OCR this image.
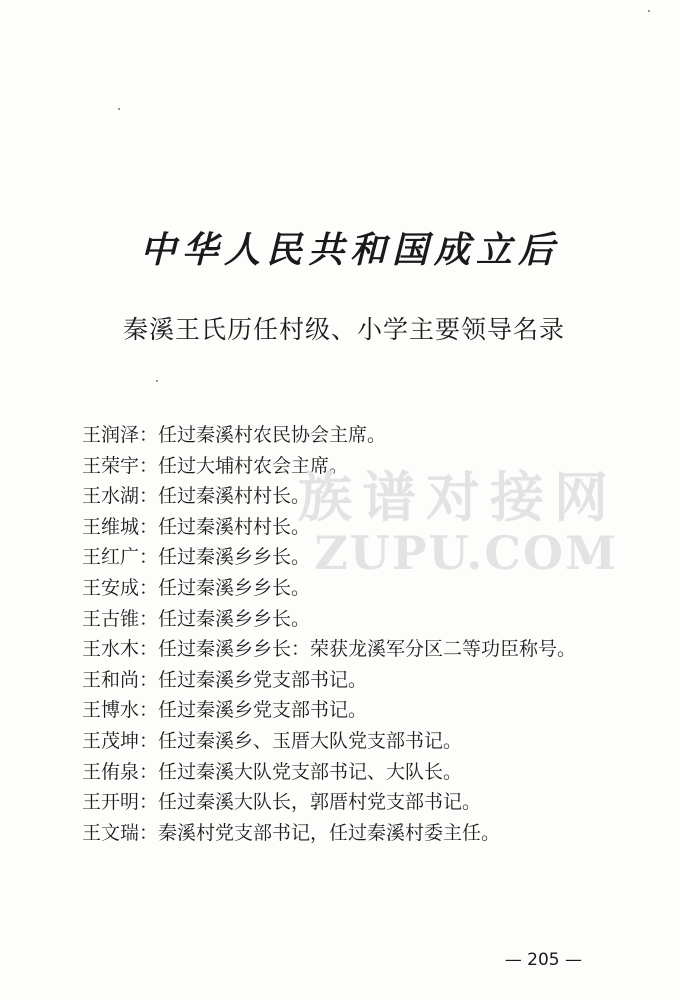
中华人民共和国成立后
秦溪王氏历任村级、小学主要领导名录
王润泽 ： 任过秦溪村农民协会主席。
王荣宇 ： 任过大埔村农会主席。
王水湖 ： 任过秦溪村村长。
王维城 ： 任过秦溪村村长。
王红广 ： 任过秦溪乡乡长。
王安成 ： 任过秦溪乡乡长。
王古锥 ： 任过秦溪乡乡长。
王水木 ： 任过秦溪乡乡长：荣获龙溪军分区二等功臣称号。
王和尚 ： 任过秦溪乡党支部书记。
王博水 ： 任过秦溪乡党支部书记。
王茂坤 ： 任过秦溪乡、玉厝大队党支部书记。
王侑泉 ： 任过秦溪大队党支部书记、大队长。
王开明 ： 任过秦溪大队长，郭厝村党支部书记。
王文瑞 ： 秦溪村党支部书记，任过秦溪村委主任。
族谱对接网
ZUPU.COM
— 205 —
